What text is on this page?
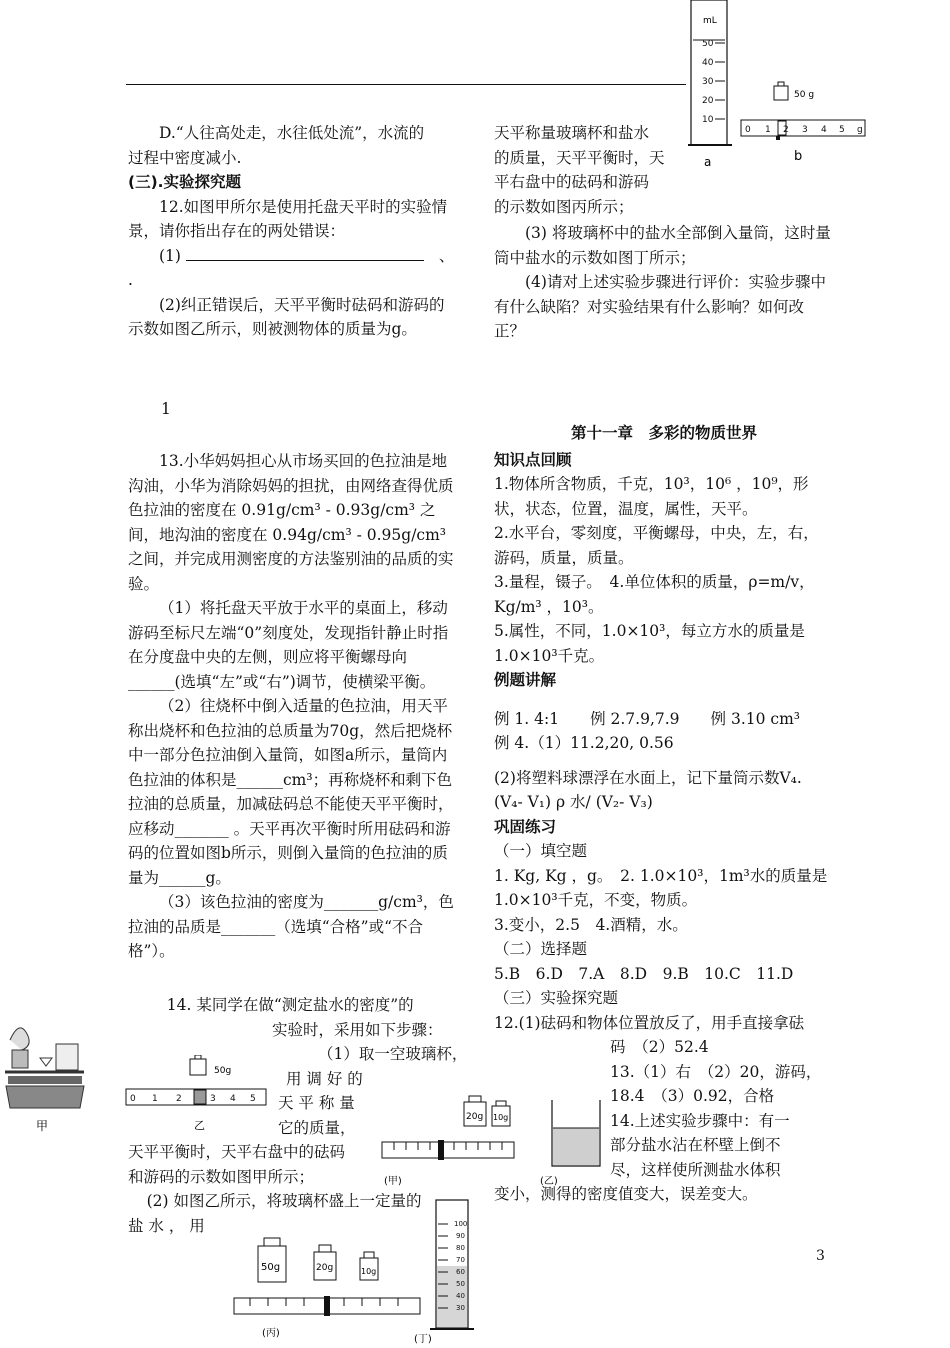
D.“人往高处走，水往低处流”，水流的

过程中密度减小.

(三).实验探究题

12.如图甲所尔是使用托盘天平时的实验情景，请你指出存在的两处错误：

(1)	、

.

(2)纠正错误后，天平平衡时砝码和游码的示数如图乙所示，则被测物体的质量为g。

1

13.小华妈妈担心从市场买回的色拉油是地沟油，小华为消除妈妈的担扰，由网络查得优质色拉油的密度在 0.91g/cm³ - 0.93g/cm³ 之间，地沟油的密度在 0.94g/cm³ - 0.95g/cm³之间，并完成用测密度的方法鉴别油的品质的实验。

（1）将托盘天平放于水平的桌面上，移动游码至标尺左端“0”刻度处，发现指针静止时指在分度盘中央的左侧，则应将平衡螺母向______(选填“左”或“右”)调节，使横梁平衡。

（2）往烧杯中倒入适量的色拉油，用天平称出烧杯和色拉油的总质量为70g，然后把烧杯中一部分色拉油倒入量筒，如图a所示，量筒内色拉油的体积是______cm³；再称烧杯和剩下色拉油的总质量，加减砝码总不能使天平平衡时，应移动_______ 。天平再次平衡时所用砝码和游码的位置如图b所示，则倒入量筒的色拉油的质量为______g。

（3）该色拉油的密度为_______g/cm³，色拉油的品质是_______（选填“合格”或“不合格”）。

14. 某同学在做“测定盐水的密度”的

实验时，采用如下步骤：

（1）取一空玻璃杯，

用 调 好 的

天 平 称 量

它的质量，

天平平衡时，天平右盘中的砝码

和游码的示数如图甲所示；

(2) 如图乙所示，将玻璃杯盛上一定量的

盐 水 ， 用

天平称量玻璃杯和盐水

的质量，天平平衡时，天

平右盘中的砝码和游码

的示数如图丙所示；

(3) 将玻璃杯中的盐水全部倒入量筒，这时量筒中盐水的示数如图丁所示；

(4)请对上述实验步骤进行评价：实验步骤中有什么缺陷？对实验结果有什么影响？如何改正？

第十一章　多彩的物质世界

知识点回顾

1.物体所含物质，千克，10³，10⁶ ，10⁹，形状，状态，位置，温度，属性，天平。

2.水平台，零刻度，平衡螺母，中央，左，右，游码，质量，质量。

3.量程，镊子。　4.单位体积的质量，ρ=m/v，Kg/m³ ，10³。

5.属性，不同，1.0×10³，每立方水的质量是1.0×10³千克。

例题讲解

例 1. 4:1　　例 2.7.9,7.9　　例 3.10 cm³

例 4.（1）11.2,20, 0.56

(2)将塑料球漂浮在水面上，记下量筒示数V₄.

(V₄- V₁) ρ 水/ (V₂- V₃)

巩固练习

（一）填空题

1. Kg, Kg ，g。　2. 1.0×10³，1m³水的质量是1.0×10³千克，不变，物质。

3.变小，2.5　4.酒精，水。

（二）选择题

5.B　6.D　7.A　8.D　9.B　10.C　11.D

（三）实验探究题

12.(1)砝码和物体位置放反了，用手直接拿砝

码　（2）52.4

13.（1）右　（2）20，游码，

18.4　（3）0.92，合格

14.上述实验步骤中：有一

部分盐水沾在杯壁上倒不

尽，这样使所测盐水体积

变小，测得的密度值变大，误差变大。

3
mL
50
40
30
20
10
a
50 g
0 1 2 3 4 5 g
b
甲
50g
0 1 2	3 4 5
乙
20g 10g
(甲)	(乙)
50g	20g	10g
(丙)
100
90
80
70
60
50
40
30
(丁)
